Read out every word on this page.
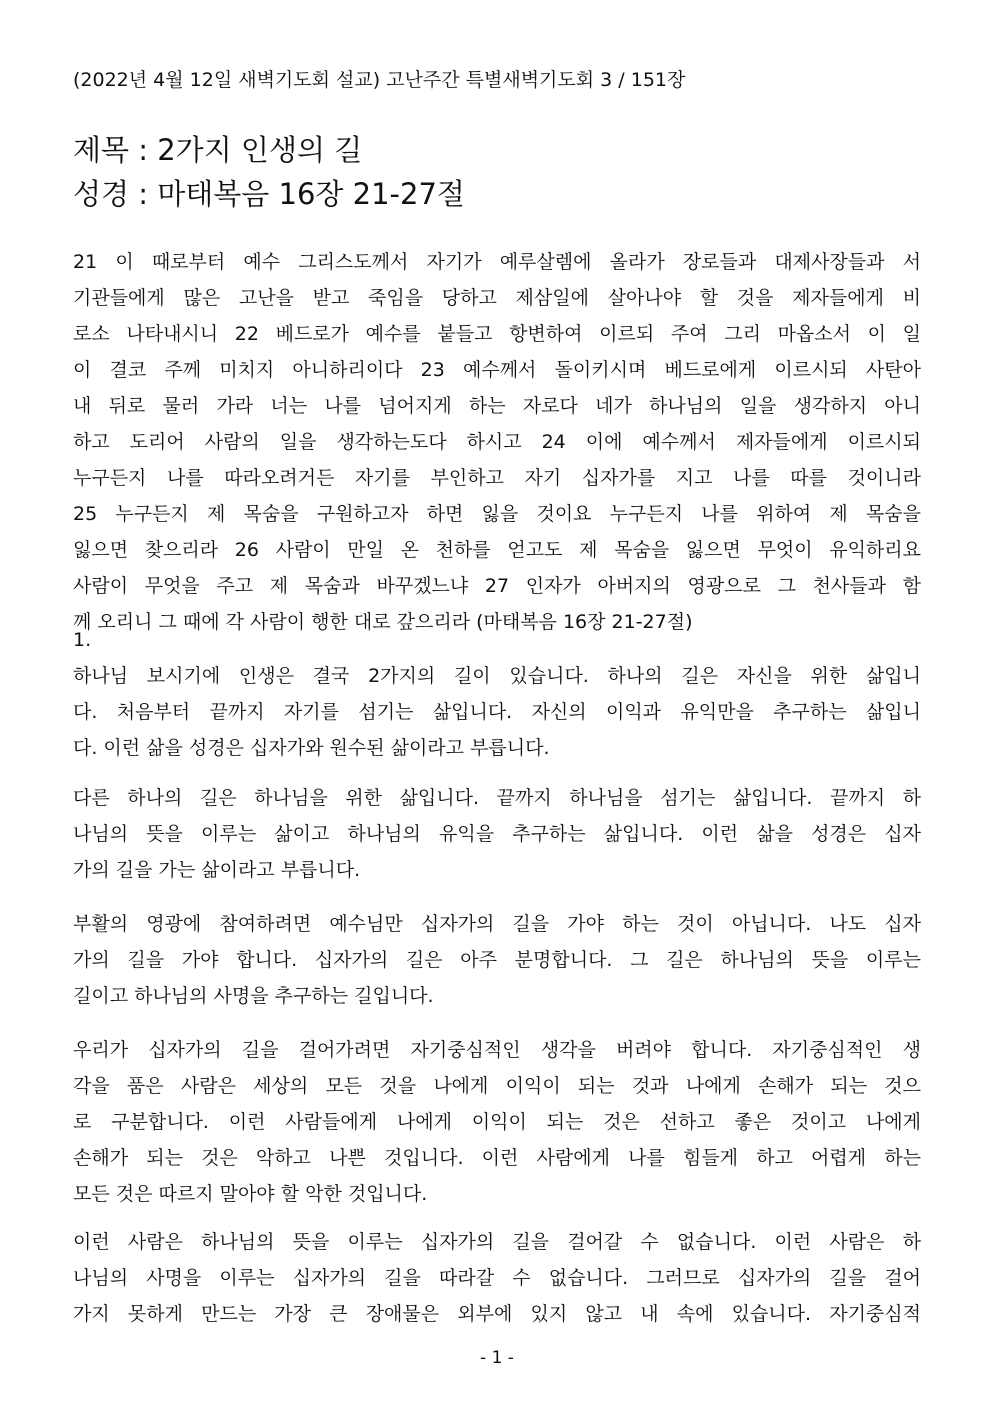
(2022년 4월 12일 새벽기도회 설교) 고난주간 특별새벽기도회 3 / 151장
제목 : 2가지 인생의 길
성경 : 마태복음 16장 21-27절
21 이 때로부터 예수 그리스도께서 자기가 예루살렘에 올라가 장로들과 대제사장들과 서
기관들에게 많은 고난을 받고 죽임을 당하고 제삼일에 살아나야 할 것을 제자들에게 비
로소 나타내시니 22 베드로가 예수를 붙들고 항변하여 이르되 주여 그리 마옵소서 이 일
이 결코 주께 미치지 아니하리이다 23 예수께서 돌이키시며 베드로에게 이르시되 사탄아
내 뒤로 물러 가라 너는 나를 넘어지게 하는 자로다 네가 하나님의 일을 생각하지 아니
하고 도리어 사람의 일을 생각하는도다 하시고 24 이에 예수께서 제자들에게 이르시되
누구든지 나를 따라오려거든 자기를 부인하고 자기 십자가를 지고 나를 따를 것이니라
25 누구든지 제 목숨을 구원하고자 하면 잃을 것이요 누구든지 나를 위하여 제 목숨을
잃으면 찾으리라 26 사람이 만일 온 천하를 얻고도 제 목숨을 잃으면 무엇이 유익하리요
사람이 무엇을 주고 제 목숨과 바꾸겠느냐 27 인자가 아버지의 영광으로 그 천사들과 함
께 오리니 그 때에 각 사람이 행한 대로 갚으리라 (마태복음 16장 21-27절)
1.
하나님 보시기에 인생은 결국 2가지의 길이 있습니다. 하나의 길은 자신을 위한 삶입니
다. 처음부터 끝까지 자기를 섬기는 삶입니다. 자신의 이익과 유익만을 추구하는 삶입니
다. 이런 삶을 성경은 십자가와 원수된 삶이라고 부릅니다.
다른 하나의 길은 하나님을 위한 삶입니다. 끝까지 하나님을 섬기는 삶입니다. 끝까지 하
나님의 뜻을 이루는 삶이고 하나님의 유익을 추구하는 삶입니다. 이런 삶을 성경은 십자
가의 길을 가는 삶이라고 부릅니다.
부활의 영광에 참여하려면 예수님만 십자가의 길을 가야 하는 것이 아닙니다. 나도 십자
가의 길을 가야 합니다. 십자가의 길은 아주 분명합니다. 그 길은 하나님의 뜻을 이루는
길이고 하나님의 사명을 추구하는 길입니다.
우리가 십자가의 길을 걸어가려면 자기중심적인 생각을 버려야 합니다. 자기중심적인 생
각을 품은 사람은 세상의 모든 것을 나에게 이익이 되는 것과 나에게 손해가 되는 것으
로 구분합니다. 이런 사람들에게 나에게 이익이 되는 것은 선하고 좋은 것이고 나에게
손해가 되는 것은 악하고 나쁜 것입니다. 이런 사람에게 나를 힘들게 하고 어렵게 하는
모든 것은 따르지 말아야 할 악한 것입니다.
이런 사람은 하나님의 뜻을 이루는 십자가의 길을 걸어갈 수 없습니다. 이런 사람은 하
나님의 사명을 이루는 십자가의 길을 따라갈 수 없습니다. 그러므로 십자가의 길을 걸어
가지 못하게 만드는 가장 큰 장애물은 외부에 있지 않고 내 속에 있습니다. 자기중심적
- 1 -
